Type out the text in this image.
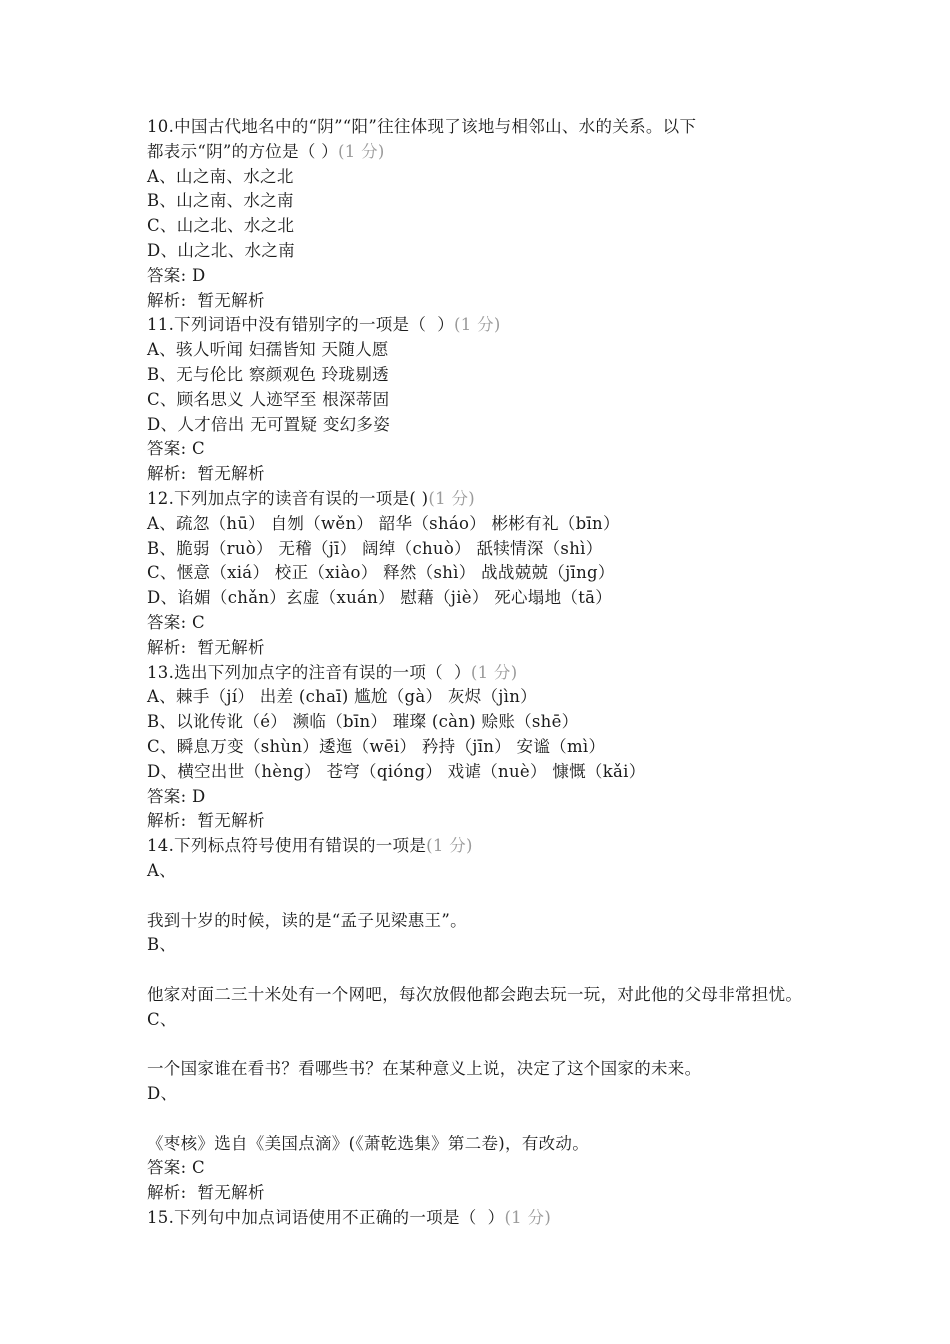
10.中国古代地名中的“阴”“阳”往往体现了该地与相邻山、水的关系。以下
都表示“阴”的方位是（ ）(1 分)
A、山之南、水之北
B、山之南、水之南
C、山之北、水之北
D、山之北、水之南
答案: D
解析:  暂无解析
11.下列词语中没有错别字的一项是（  ）(1 分)
A、骇人听闻 妇孺皆知 天随人愿
B、无与伦比 察颜观色 玲珑剔透
C、顾名思义 人迹罕至 根深蒂固
D、人才倍出 无可置疑 变幻多姿
答案: C
解析:  暂无解析
12.下列加点字的读音有误的一项是( )(1 分)
A、疏忽（hū） 自刎（wěn） 韶华（sháo） 彬彬有礼（bīn）
B、脆弱（ruò） 无稽（jī） 阔绰（chuò） 舐犊情深（shì）
C、惬意（xiá） 校正（xiào） 释然（shì） 战战兢兢（jīng）
D、谄媚（chǎn）玄虚（xuán） 慰藉（jiè） 死心塌地（tā）
答案: C
解析:  暂无解析
13.选出下列加点字的注音有误的一项（  ）(1 分)
A、棘手（jí） 出差 (chaī) 尴尬（gà） 灰烬（jìn）
B、以讹传讹（é） 濒临（bīn） 璀璨 (càn) 赊账（shē）
C、瞬息万变（shùn）逶迤（wēi） 矜持（jīn） 安谧（mì）
D、横空出世（hèng） 苍穹（qióng） 戏谑（nuè） 慷慨（kǎi）
答案: D
解析:  暂无解析
14.下列标点符号使用有错误的一项是(1 分)
A、
我到十岁的时候，读的是“孟子见梁惠王”。
B、
他家对面二三十米处有一个网吧，每次放假他都会跑去玩一玩，对此他的父母非常担忧。
C、
一个国家谁在看书？看哪些书？在某种意义上说，决定了这个国家的未来。
D、
《枣核》选自《美国点滴》(《萧乾选集》第二卷)，有改动。
答案: C
解析:  暂无解析
15.下列句中加点词语使用不正确的一项是（  ）(1 分)
